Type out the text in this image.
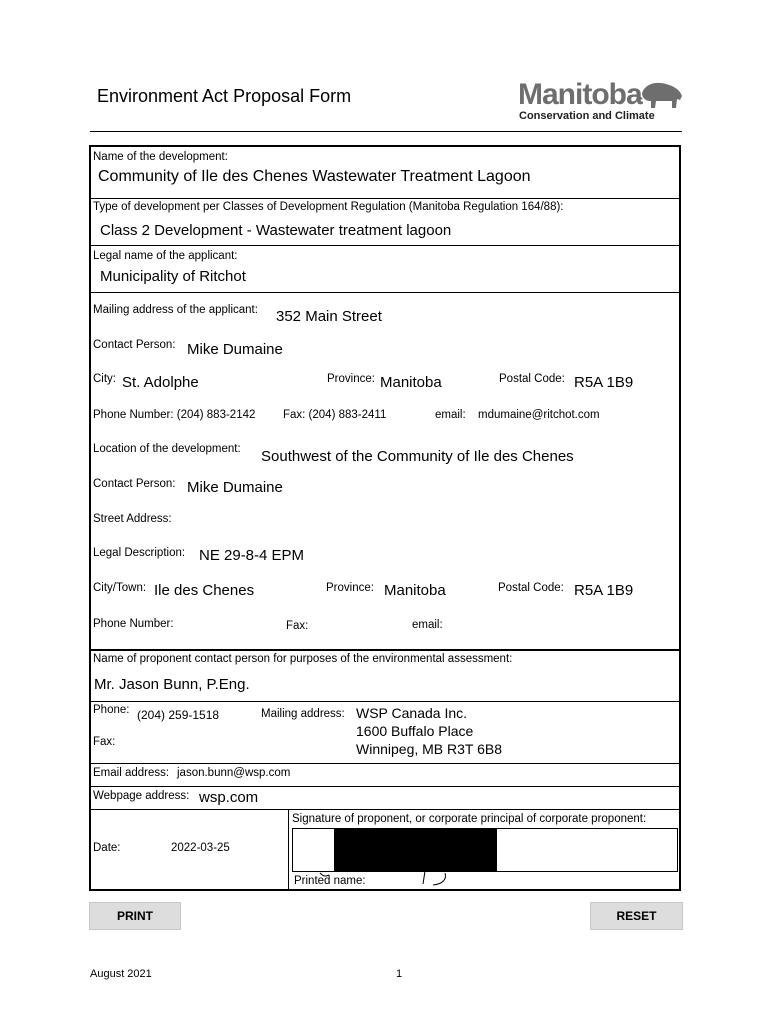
Environment Act Proposal Form	Manitoba
Conservation and Climate
Name of the development:
Community of Ile des Chenes Wastewater Treatment Lagoon
Type of development per Classes of Development Regulation (Manitoba Regulation 164/88):
Class 2 Development - Wastewater treatment lagoon
Legal name of the applicant:
Municipality of Ritchot
Mailing address of the applicant: 352 Main Street
Contact Person: Mike Dumaine
City: St. Adolphe	Province: Manitoba	Postal Code: R5A 1B9
Phone Number: (204) 883-2142 Fax: (204) 883-2411	email: mdumaine@ritchot.com
Location of the development: Southwest of the Community of Ile des Chenes
Contact Person: Mike Dumaine
Street Address:
Legal Description: NE 29-8-4 EPM
City/Town: Ile des Chenes	Province: Manitoba	Postal Code: R5A 1B9
Phone Number:	Fax:	email:
Name of proponent contact person for purposes of the environmental assessment:
Mr. Jason Bunn, P.Eng.
Phone: (204) 259-1518	Mailing address: WSP Canada Inc.
1600 Buffalo Place
Winnipeg, MB R3T 6B8
Fax:
Email address: jason.bunn@wsp.com
Webpage address: wsp.com
Date:	2022-03-25
Signature of proponent, or corporate principal of corporate proponent:
Printed name:
PRINT	RESET
August 2021	1
